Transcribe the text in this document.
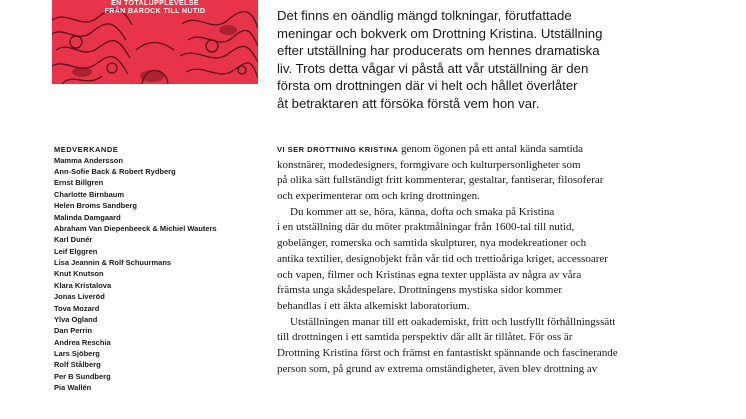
EN TOTALUPPLEVELSE
FRÅN BAROCK TILL NUTID
MEDVERKANDE
Mamma Andersson
Ann-Sofie Back & Robert Rydberg
Ernst Billgren
Charlotte Birnbaum
Helen Broms Sandberg
Malinda Damgaard
Abraham Van Diepenbeeck & Michiel Wauters
Karl Dunér
Leif Elggren
Lisa Jeannin & Rolf Schuurmans
Knut Knutson
Klara Kristalova
Jonas Liveröd
Tova Mozard
Ylva Ogland
Dan Perrin
Andrea Reschia
Lars Sjöberg
Rolf Stålberg
Per B Sundberg
Pia Wallén
Det finns en oändlig mängd tolkningar, förutfattade
meningar och bokverk om Drottning Kristina. Utställning
efter utställning har producerats om hennes dramatiska
liv. Trots detta vågar vi påstå att vår utställning är den
första om drottningen där vi helt och hållet överlåter
åt betraktaren att försöka förstå vem hon var.
VI SER DROTTNING KRISTINA genom ögonen på ett antal kända samtida
konstnärer, modedesigners, formgivare och kulturpersonligheter som
på olika sätt fullständigt fritt kommenterar, gestaltar, fantiserar, filosoferar
och experimenterar om och kring drottningen.
Du kommer att se, höra, känna, dofta och smaka på Kristina
i en utställning där du möter praktmålningar från 1600-tal till nutid,
gobelänger, romerska och samtida skulpturer, nya modekreationer och
antika textilier, designobjekt från vår tid och trettioåriga kriget, accessoarer
och vapen, filmer och Kristinas egna texter upplästa av några av våra
främsta unga skådespelare. Drottningens mystiska sidor kommer
behandlas i ett äkta alkemiskt laboratorium.
Utställningen manar till ett oakademiskt, fritt och lustfyllt förhållningssätt
till drottningen i ett samtida perspektiv där allt är tillåtet. För oss är
Drottning Kristina först och främst en fantastiskt spännande och fascinerande
person som, på grund av extrema omständigheter, även blev drottning av
